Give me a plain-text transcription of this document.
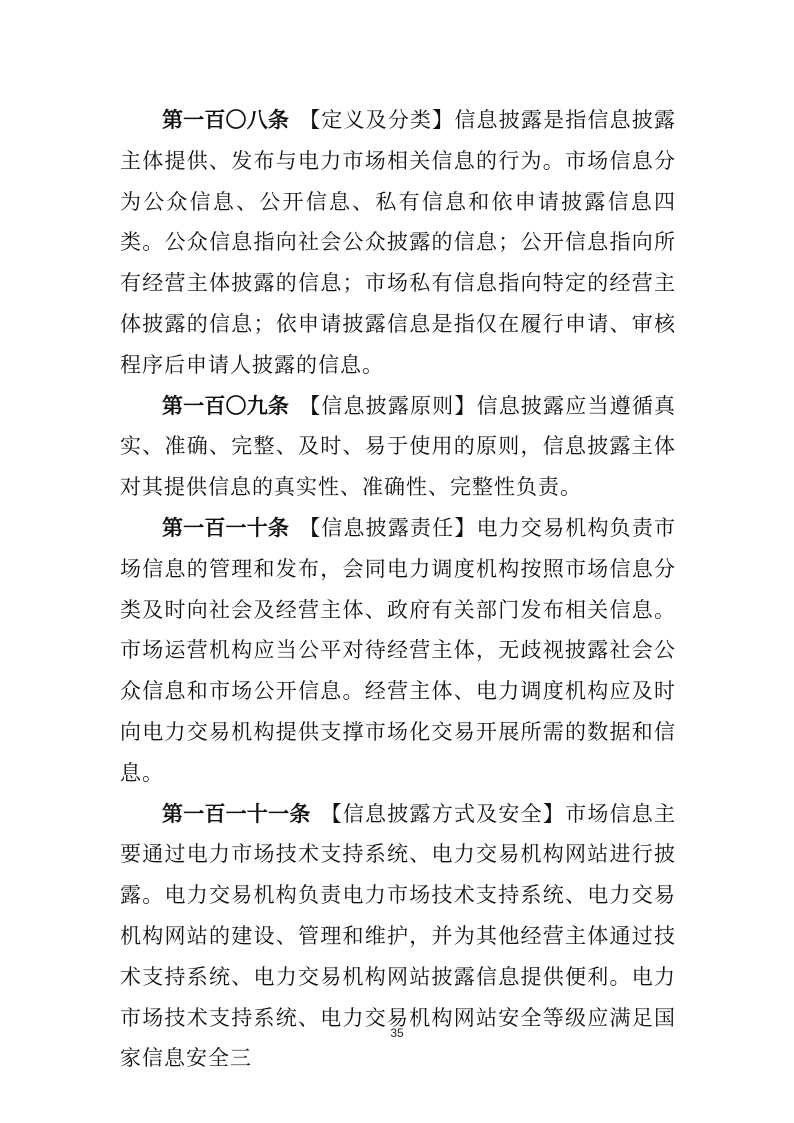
第一百〇八条 【定义及分类】信息披露是指信息披露主体提供、发布与电力市场相关信息的行为。市场信息分为公众信息、公开信息、私有信息和依申请披露信息四类。公众信息指向社会公众披露的信息；公开信息指向所有经营主体披露的信息；市场私有信息指向特定的经营主体披露的信息；依申请披露信息是指仅在履行申请、审核程序后申请人披露的信息。

第一百〇九条 【信息披露原则】信息披露应当遵循真实、准确、完整、及时、易于使用的原则，信息披露主体对其提供信息的真实性、准确性、完整性负责。

第一百一十条 【信息披露责任】电力交易机构负责市场信息的管理和发布，会同电力调度机构按照市场信息分类及时向社会及经营主体、政府有关部门发布相关信息。市场运营机构应当公平对待经营主体，无歧视披露社会公众信息和市场公开信息。经营主体、电力调度机构应及时向电力交易机构提供支撑市场化交易开展所需的数据和信息。

第一百一十一条 【信息披露方式及安全】市场信息主要通过电力市场技术支持系统、电力交易机构网站进行披露。电力交易机构负责电力市场技术支持系统、电力交易机构网站的建设、管理和维护，并为其他经营主体通过技术支持系统、电力交易机构网站披露信息提供便利。电力市场技术支持系统、电力交易机构网站安全等级应满足国家信息安全三

35
